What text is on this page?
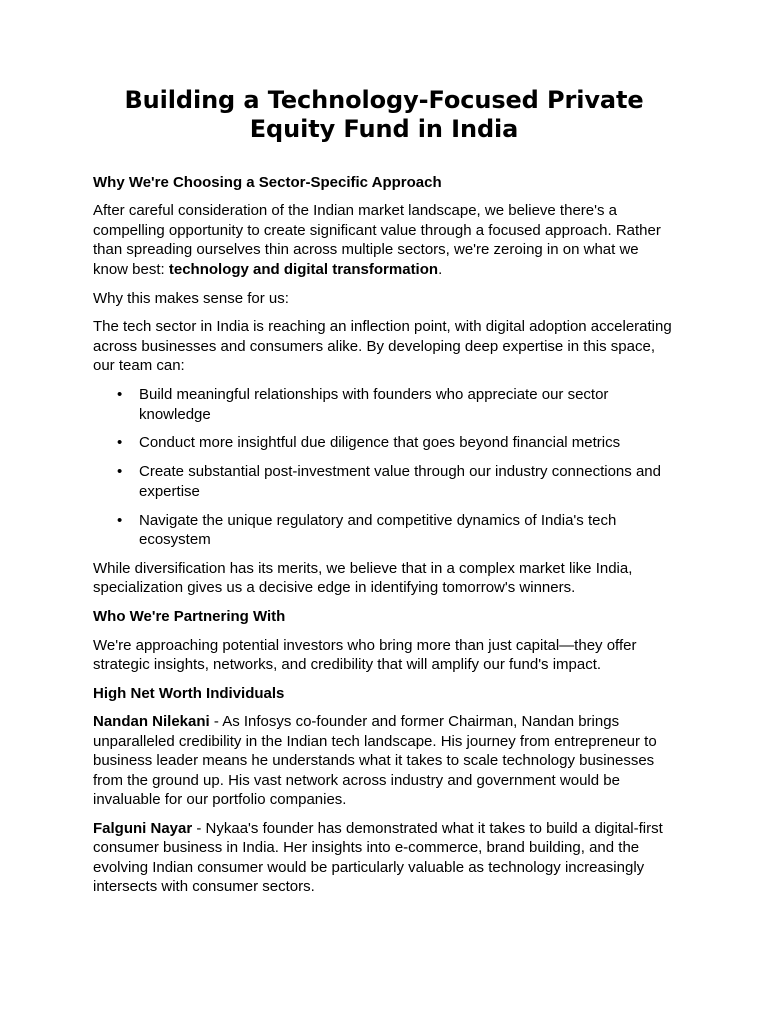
Building a Technology-Focused Private Equity Fund in India
Why We're Choosing a Sector-Specific Approach

After careful consideration of the Indian market landscape, we believe there's a compelling opportunity to create significant value through a focused approach. Rather than spreading ourselves thin across multiple sectors, we're zeroing in on what we know best: technology and digital transformation.

Why this makes sense for us:

The tech sector in India is reaching an inflection point, with digital adoption accelerating across businesses and consumers alike. By developing deep expertise in this space, our team can:

• Build meaningful relationships with founders who appreciate our sector knowledge
• Conduct more insightful due diligence that goes beyond financial metrics
• Create substantial post-investment value through our industry connections and expertise
• Navigate the unique regulatory and competitive dynamics of India's tech ecosystem

While diversification has its merits, we believe that in a complex market like India, specialization gives us a decisive edge in identifying tomorrow's winners.

Who We're Partnering With

We're approaching potential investors who bring more than just capital—they offer strategic insights, networks, and credibility that will amplify our fund's impact.

High Net Worth Individuals

Nandan Nilekani - As Infosys co-founder and former Chairman, Nandan brings unparalleled credibility in the Indian tech landscape. His journey from entrepreneur to business leader means he understands what it takes to scale technology businesses from the ground up. His vast network across industry and government would be invaluable for our portfolio companies.

Falguni Nayar - Nykaa's founder has demonstrated what it takes to build a digital-first consumer business in India. Her insights into e-commerce, brand building, and the evolving Indian consumer would be particularly valuable as technology increasingly intersects with consumer sectors.
